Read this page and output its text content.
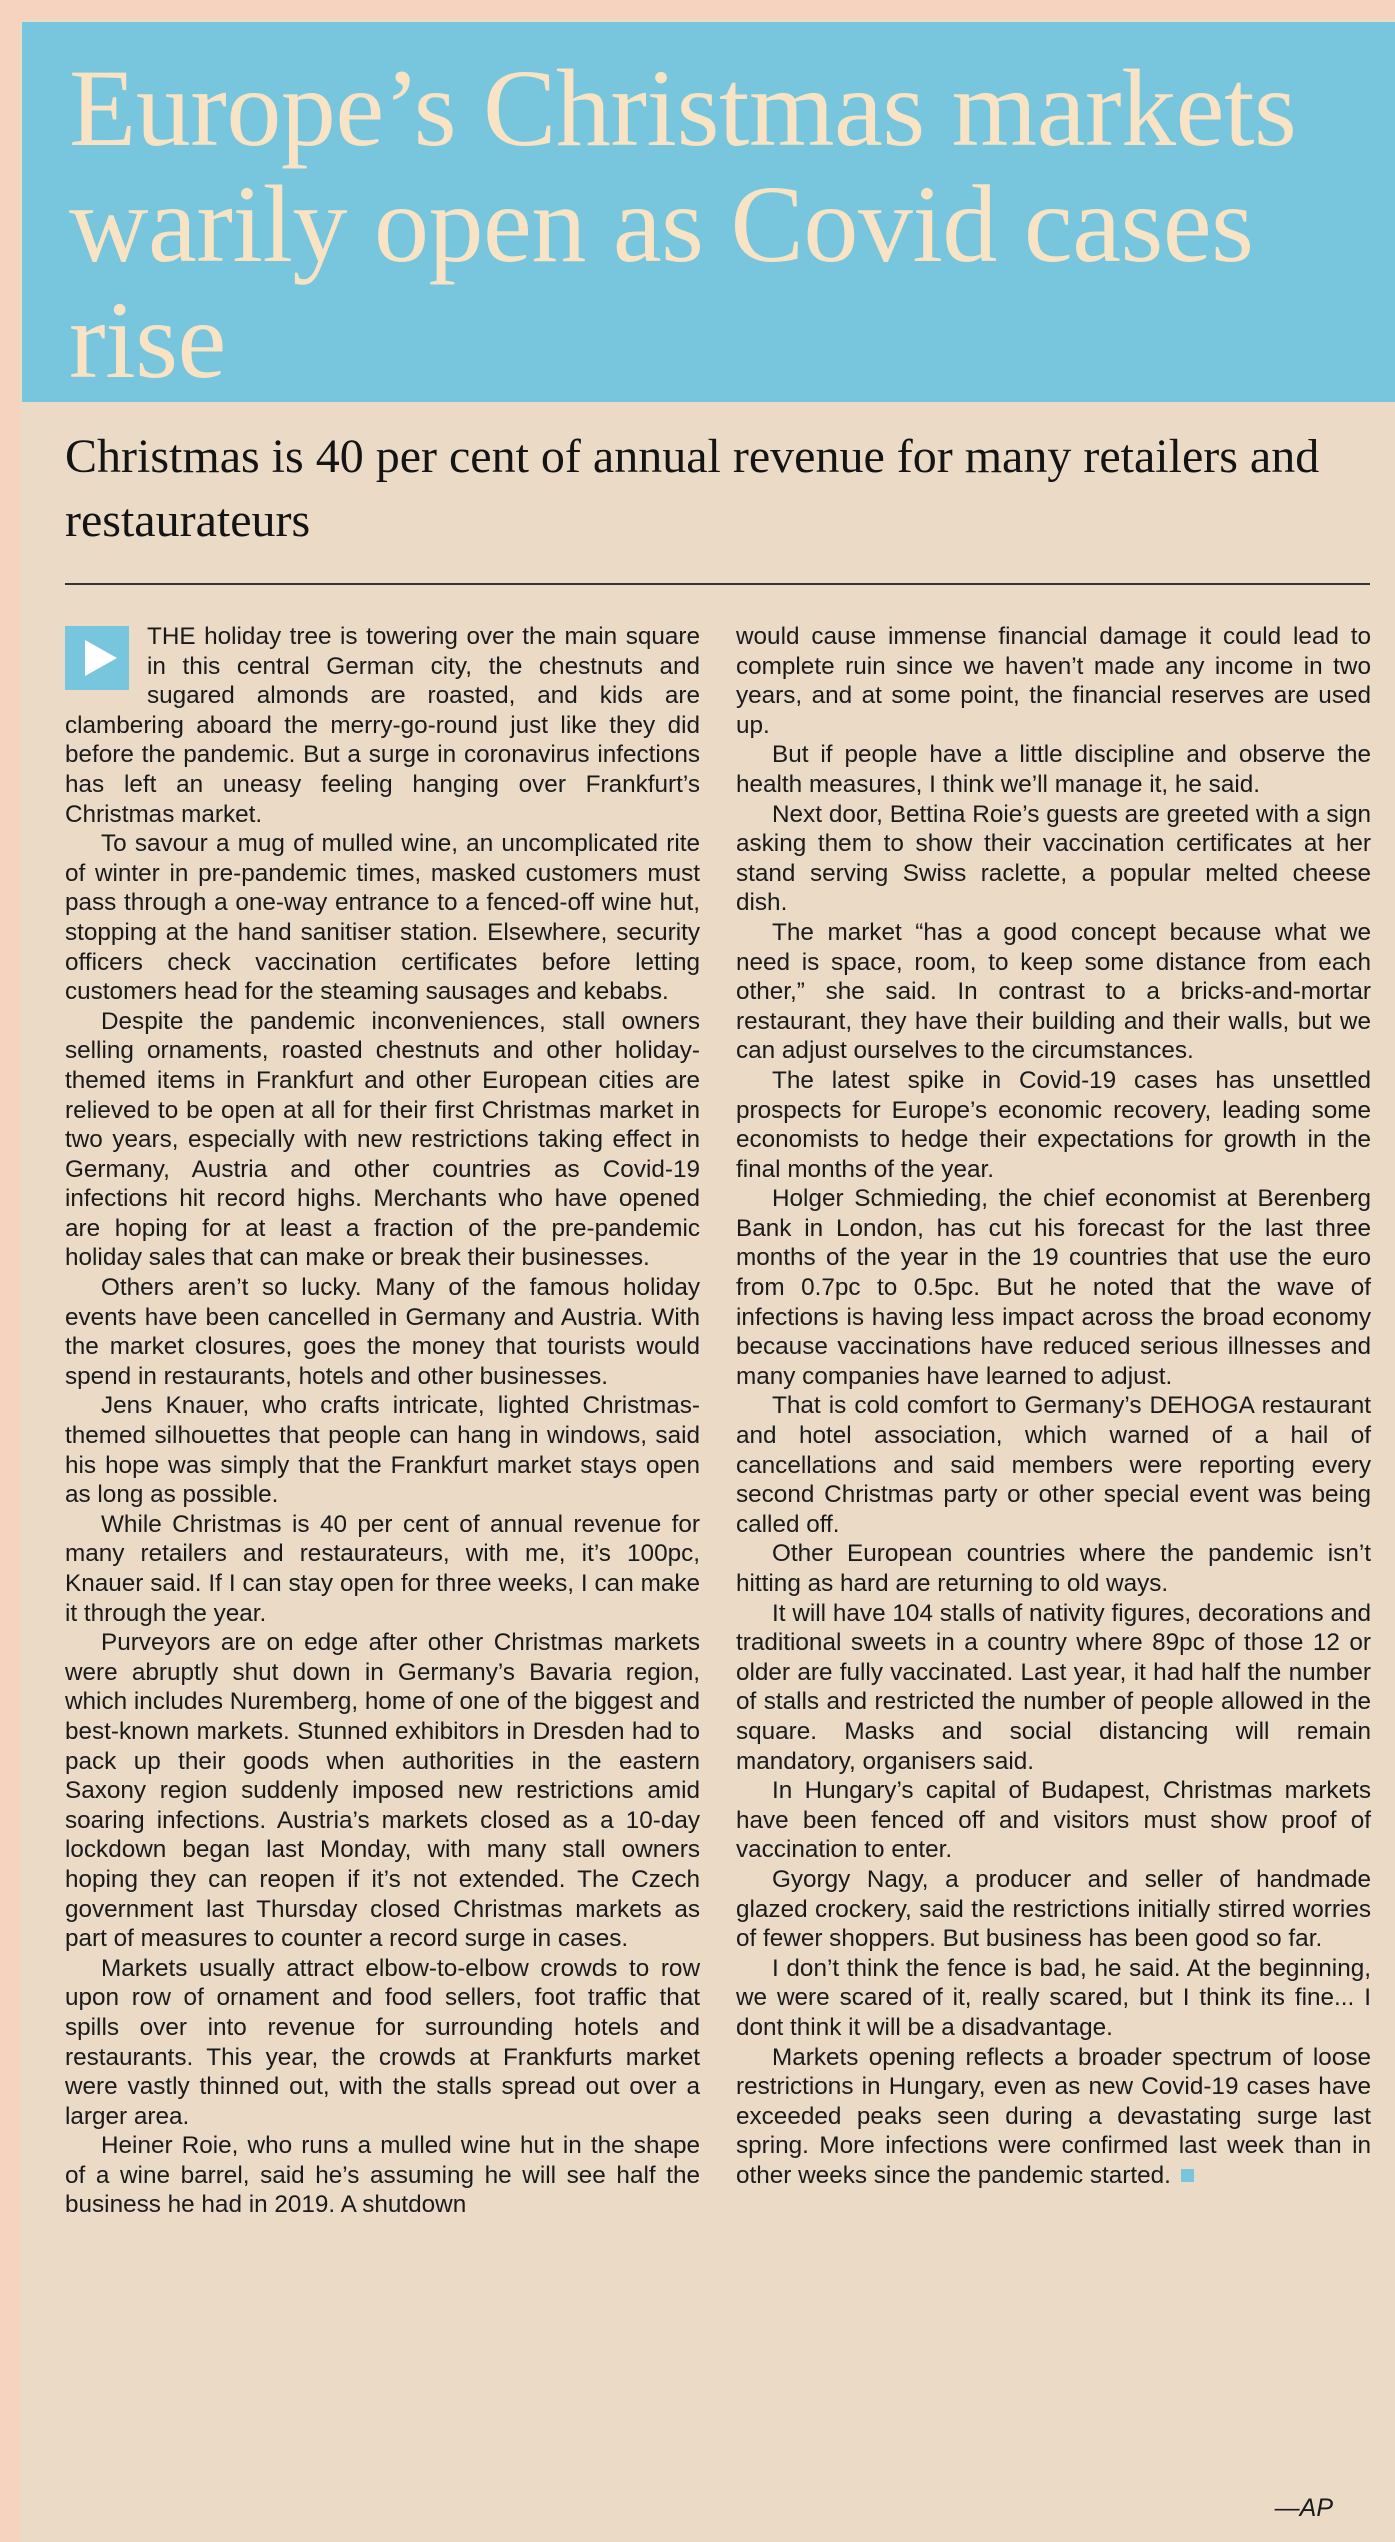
Europe’s Christmas markets warily open as Covid cases rise
Christmas is 40 per cent of annual revenue for many retailers and restaurateurs

THE holiday tree is towering over the main square in this central German city, the chestnuts and sugared almonds are roasted, and kids are clambering aboard the merry-go-round just like they did before the pandemic. But a surge in coronavirus infections has left an uneasy feeling hanging over Frankfurt’s Christmas market.

To savour a mug of mulled wine, an uncomplicated rite of winter in pre-pandemic times, masked customers must pass through a one-way entrance to a fenced-off wine hut, stopping at the hand sanitiser station. Elsewhere, security officers check vaccination certificates before letting customers head for the steaming sausages and kebabs.

Despite the pandemic inconveniences, stall owners selling ornaments, roasted chestnuts and other holiday-themed items in Frankfurt and other European cities are relieved to be open at all for their first Christmas market in two years, especially with new restrictions taking effect in Germany, Austria and other countries as Covid-19 infections hit record highs. Merchants who have opened are hoping for at least a fraction of the pre-pandemic holiday sales that can make or break their businesses.

Others aren’t so lucky. Many of the famous holiday events have been cancelled in Germany and Austria. With the market closures, goes the money that tourists would spend in restaurants, hotels and other businesses.

Jens Knauer, who crafts intricate, lighted Christmas-themed silhouettes that people can hang in windows, said his hope was simply that the Frankfurt market stays open as long as possible.

While Christmas is 40 per cent of annual revenue for many retailers and restaurateurs, with me, it’s 100pc, Knauer said. If I can stay open for three weeks, I can make it through the year.

Purveyors are on edge after other Christmas markets were abruptly shut down in Germany’s Bavaria region, which includes Nuremberg, home of one of the biggest and best-known markets. Stunned exhibitors in Dresden had to pack up their goods when authorities in the eastern Saxony region suddenly imposed new restrictions amid soaring infections. Austria’s markets closed as a 10-day lockdown began last Monday, with many stall owners hoping they can reopen if it’s not extended. The Czech government last Thursday closed Christmas markets as part of measures to counter a record surge in cases.

Markets usually attract elbow-to-elbow crowds to row upon row of ornament and food sellers, foot traffic that spills over into revenue for surrounding hotels and restaurants. This year, the crowds at Frankfurts market were vastly thinned out, with the stalls spread out over a larger area.

Heiner Roie, who runs a mulled wine hut in the shape of a wine barrel, said he’s assuming he will see half the business he had in 2019. A shutdown

would cause immense financial damage it could lead to complete ruin since we haven’t made any income in two years, and at some point, the financial reserves are used up.

But if people have a little discipline and observe the health measures, I think we’ll manage it, he said.

Next door, Bettina Roie’s guests are greeted with a sign asking them to show their vaccination certificates at her stand serving Swiss raclette, a popular melted cheese dish.

The market “has a good concept because what we need is space, room, to keep some distance from each other,” she said. In contrast to a bricks-and-mortar restaurant, they have their building and their walls, but we can adjust ourselves to the circumstances.

The latest spike in Covid-19 cases has unsettled prospects for Europe’s economic recovery, leading some economists to hedge their expectations for growth in the final months of the year.

Holger Schmieding, the chief economist at Berenberg Bank in London, has cut his forecast for the last three months of the year in the 19 countries that use the euro from 0.7pc to 0.5pc. But he noted that the wave of infections is having less impact across the broad economy because vaccinations have reduced serious illnesses and many companies have learned to adjust.

That is cold comfort to Germany’s DEHOGA restaurant and hotel association, which warned of a hail of cancellations and said members were reporting every second Christmas party or other special event was being called off.

Other European countries where the pandemic isn’t hitting as hard are returning to old ways.

It will have 104 stalls of nativity figures, decorations and traditional sweets in a country where 89pc of those 12 or older are fully vaccinated. Last year, it had half the number of stalls and restricted the number of people allowed in the square. Masks and social distancing will remain mandatory, organisers said.

In Hungary’s capital of Budapest, Christmas markets have been fenced off and visitors must show proof of vaccination to enter.

Gyorgy Nagy, a producer and seller of handmade glazed crockery, said the restrictions initially stirred worries of fewer shoppers. But business has been good so far.

I don’t think the fence is bad, he said. At the beginning, we were scared of it, really scared, but I think its fine... I dont think it will be a disadvantage.

Markets opening reflects a broader spectrum of loose restrictions in Hungary, even as new Covid-19 cases have exceeded peaks seen during a devastating surge last spring. More infections were confirmed last week than in other weeks since the pandemic started.

—AP
